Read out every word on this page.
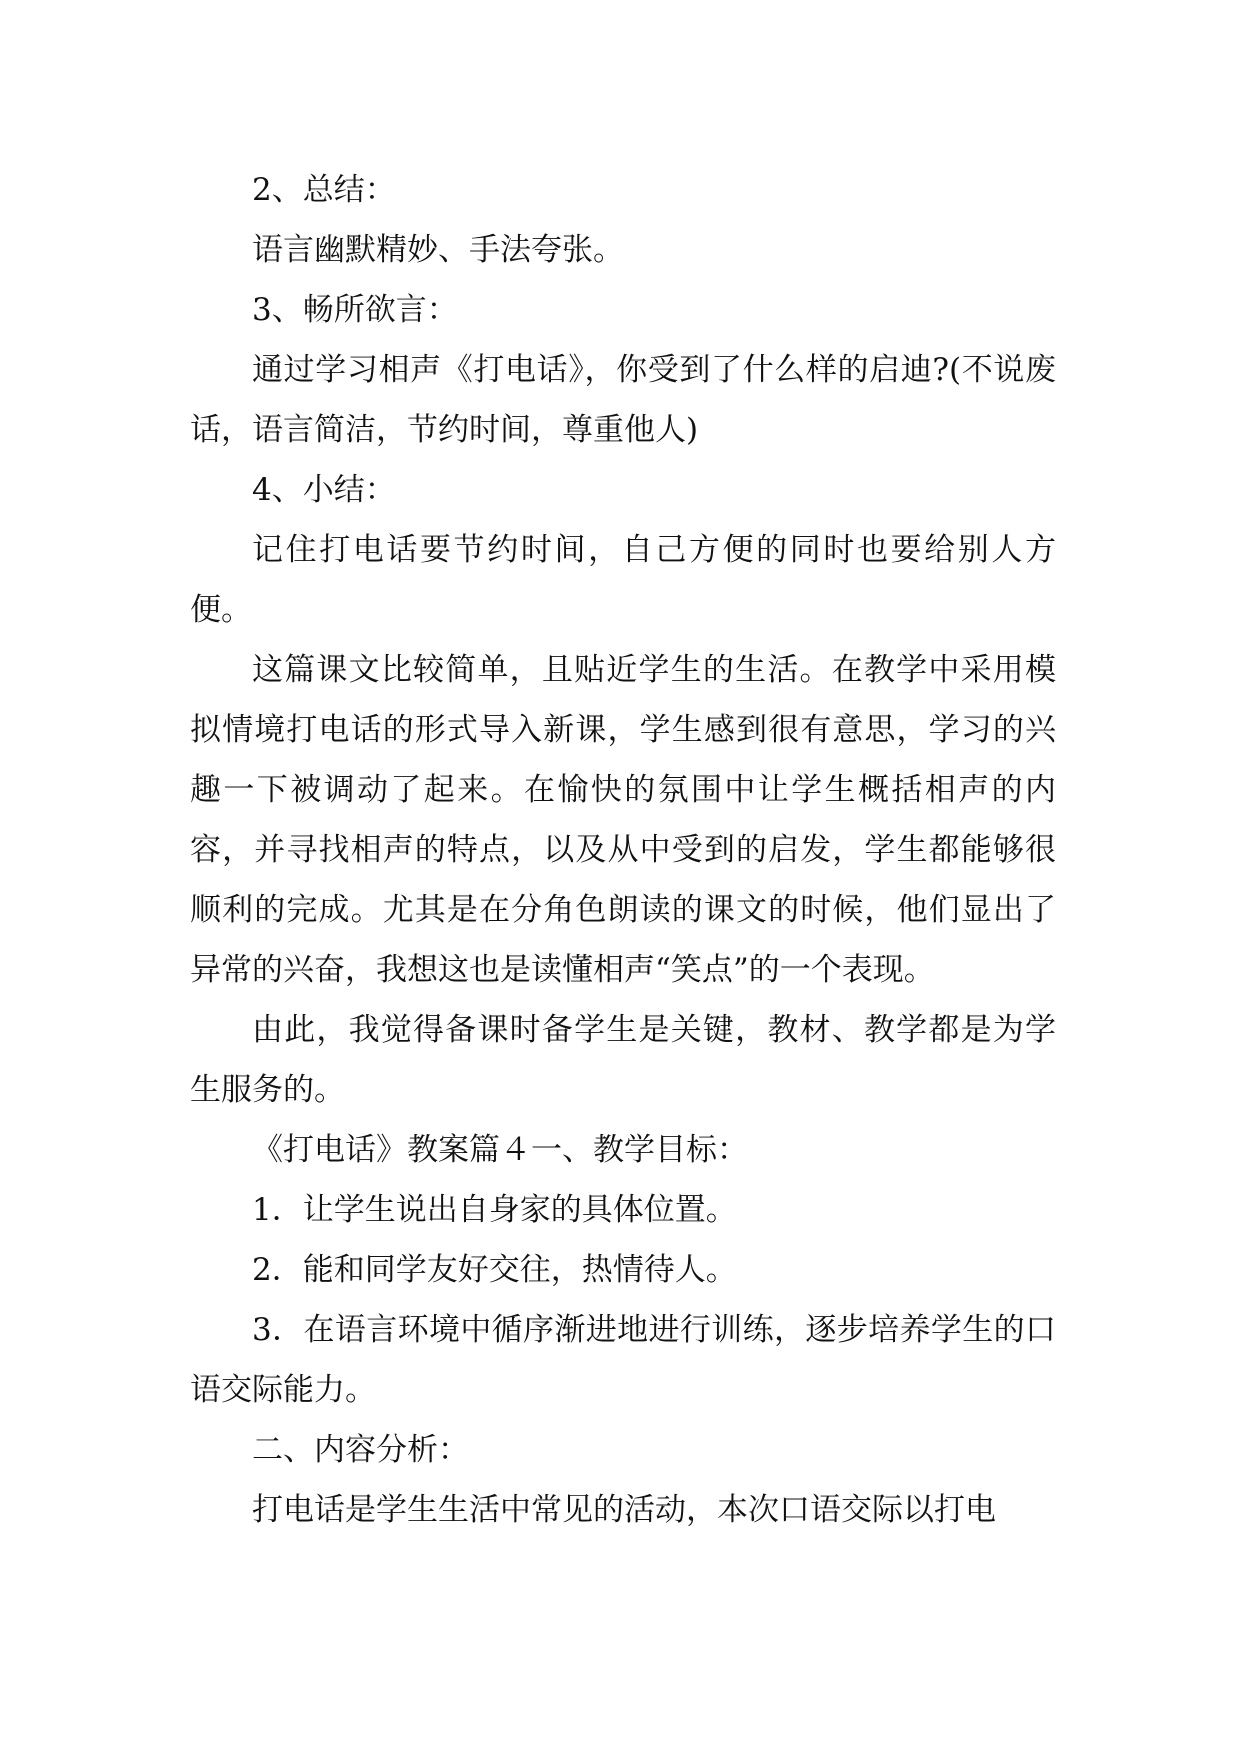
2、总结：

语言幽默精妙、手法夸张。

3、畅所欲言：

通过学习相声《打电话》，你受到了什么样的启迪?(不说废话，语言简洁，节约时间，尊重他人)

4、小结：

记住打电话要节约时间，自己方便的同时也要给别人方便。

这篇课文比较简单，且贴近学生的生活。在教学中采用模拟情境打电话的形式导入新课，学生感到很有意思，学习的兴趣一下被调动了起来。在愉快的氛围中让学生概括相声的内容，并寻找相声的特点，以及从中受到的启发，学生都能够很顺利的完成。尤其是在分角色朗读的课文的时候，他们显出了异常的兴奋，我想这也是读懂相声“笑点”的一个表现。

由此，我觉得备课时备学生是关键，教材、教学都是为学生服务的。

《打电话》教案篇４一、教学目标：

1．让学生说出自身家的具体位置。

2．能和同学友好交往，热情待人。

3．在语言环境中循序渐进地进行训练，逐步培养学生的口语交际能力。

二、内容分析：

打电话是学生生活中常见的活动，本次口语交际以打电
